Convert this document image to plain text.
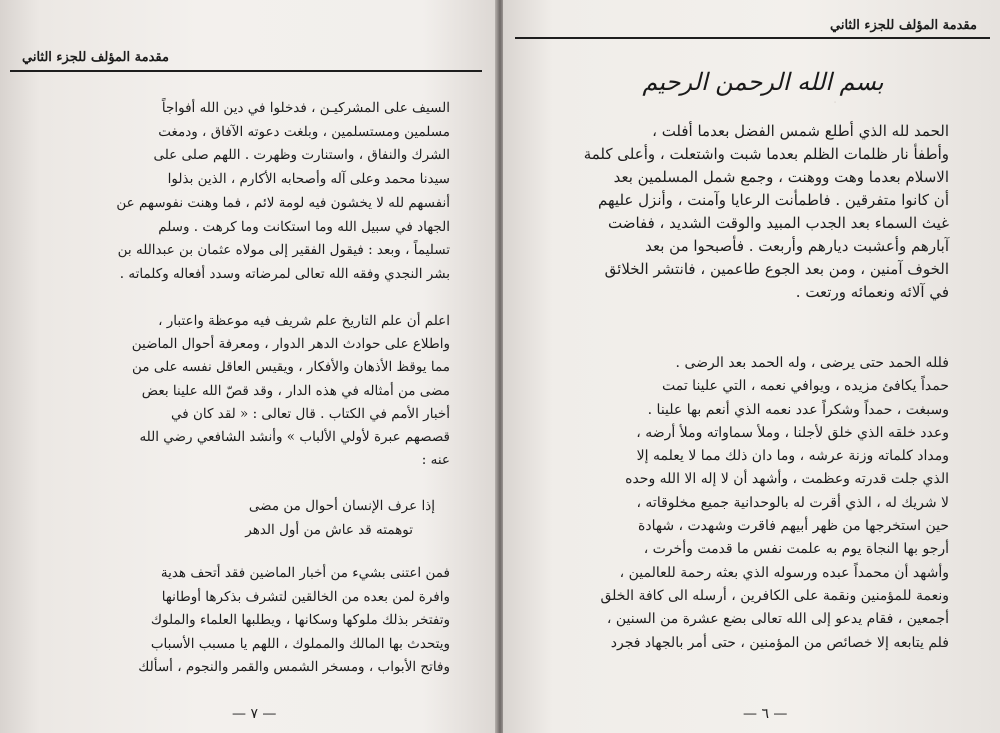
مقدمة المؤلف للجزء الثاني

السيف على المشركيـن ، فدخلوا في دين الله أفواجاً

مسلمين ومستسلمين ، وبلغت دعوته الآفاق ، ودمغت

الشرك والنفاق ، واستنارت وظهرت . اللهم صلى على

سيدنا محمد وعلى آله وأصحابه الأكارم ، الذين بذلوا

أنفسهم لله لا يخشون فيه لومة لائم ، فما وهنت نفوسهم عن

الجهاد في سبيل الله وما استكانت وما كرهت . وسلم

تسليماً ، وبعد : فيقول الفقير إلى مولاه عثمان بن عبدالله بن

بشر النجدي وفقه الله تعالى لمرضاته وسدد أفعاله وكلماته .

اعلم أن علم التاريخ علم شريف فيه موعظة واعتبار ،

واطلاع على حوادث الدهر الدوار ، ومعرفة أحوال الماضين

مما يوقظ الأذهان والأفكار ، ويقيس العاقل نفسه على من

مضى من أمثاله في هذه الدار ، وقد قصّ الله علينا بعض

أخبار الأمم في الكتاب . قال تعالى : « لقد كان في

قصصهم عبرة لأولي الألباب » وأنشد الشافعي رضي الله

عنه :

إذا عرف الإنسان أحوال من مضى

توهمته قد عاش من أول الدهر

فمن اعتنى بشيء من أخبار الماضين فقد أتحف هدية

وافرة لمن بعده من الخالقين لتشرف بذكرها أوطانها

وتفتخر بذلك ملوكها وسكانها ، ويطلبها العلماء والملوك

ويتحدث بها المالك والمملوك ، اللهم يا مسبب الأسباب

وفاتح الأبواب ، ومسخر الشمس والقمر والنجوم ، أسألك

— ٧ —
مقدمة المؤلف للجزء الثاني
بسم الله الرحمن الرحيم
.

الحمد لله الذي أطلع شمس الفضل بعدما أفلت ،

وأطفأ نار ظلمات الظلم بعدما شبت واشتعلت ، وأعلى كلمة

الاسلام بعدما وهت ووهنت ، وجمع شمل المسلمين بعد

أن كانوا متفرقين . فاطمأنت الرعايا وآمنت ، وأنزل عليهم

غيث السماء بعد الجدب المبيد والوقت الشديد ، ففاضت

آبارهم وأعشبت ديارهم وأربعت . فأصبحوا من بعد

الخوف آمنين ، ومن بعد الجوع طاعمين ، فانتشر الخلائق

في آلائه ونعمائه ورتعت .

فلله الحمد حتى يرضى ، وله الحمد بعد الرضى .

حمداً يكافئ مزيده ، ويوافي نعمه ، التي علينا تمت

وسبغت ، حمداً وشكراً عدد نعمه الذي أنعم بها علينا .

وعدد خلقه الذي خلق لأجلنا ، وملأ سماواته وملأ أرضه ،

ومداد كلماته وزنة عرشه ، وما دان ذلك مما لا يعلمه إلا

الذي جلت قدرته وعظمت ، وأشهد أن لا إله الا الله وحده

لا شريك له ، الذي أقرت له بالوحدانية جميع مخلوقاته ،

حين استخرجها من ظهر أبيهم فاقرت وشهدت ، شهادة

أرجو بها النجاة يوم به علمت نفس ما قدمت وأخرت ،

وأشهد أن محمداً عبده ورسوله الذي بعثه رحمة للعالمين ،

ونعمة للمؤمنين ونقمة على الكافرين ، أرسله الى كافة الخلق

أجمعين ، فقام يدعو إلى الله تعالى بضع عشرة من السنين ،

فلم يتابعه إلا خصائص من المؤمنين ، حتى أمر بالجهاد فجرد

— ٦ —
